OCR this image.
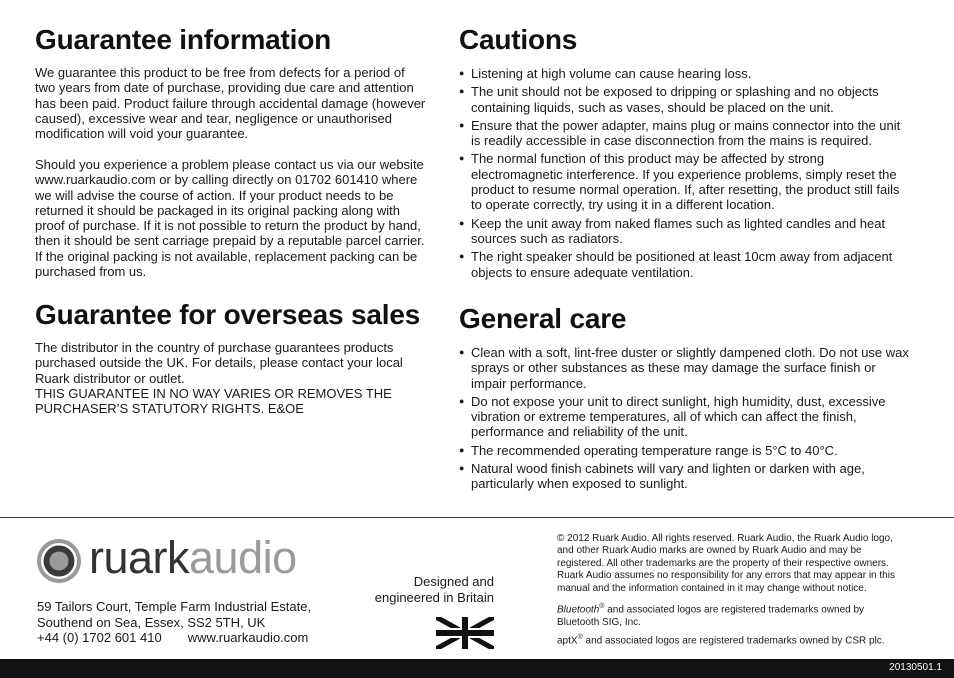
Guarantee information

We guarantee this product to be free from defects for a period of two years from date of purchase, providing due care and attention has been paid. Product failure through accidental damage (however caused), excessive wear and tear, negligence or unauthorised modification will void your guarantee.

Should you experience a problem please contact us via our website www.ruarkaudio.com or by calling directly on 01702 601410 where we will advise the course of action. If your product needs to be returned it should be packaged in its original packing along with proof of purchase. If it is not possible to return the product by hand, then it should be sent carriage prepaid by a reputable parcel carrier. If the original packing is not available, replacement packing can be purchased from us.

Guarantee for overseas sales

The distributor in the country of purchase guarantees products purchased outside the UK. For details, please contact your local Ruark distributor or outlet.

THIS GUARANTEE IN NO WAY VARIES OR REMOVES THE PURCHASER’S STATUTORY RIGHTS. E&OE

Cautions
● Listening at high volume can cause hearing loss.
● The unit should not be exposed to dripping or splashing and no objects containing liquids, such as vases, should be placed on the unit.
● Ensure that the power adapter, mains plug or mains connector into the unit is readily accessible in case disconnection from the mains is required.
● The normal function of this product may be affected by strong electromagnetic interference. If you experience problems, simply reset the product to resume normal operation. If, after resetting, the product still fails to operate correctly, try using it in a different location.
● Keep the unit away from naked flames such as lighted candles and heat sources such as radiators.
● The right speaker should be positioned at least 10cm away from adjacent objects to ensure adequate ventilation.
General care
● Clean with a soft, lint-free duster or slightly dampened cloth. Do not use wax sprays or other substances as these may damage the surface finish or impair performance.
● Do not expose your unit to direct sunlight, high humidity, dust, excessive vibration or extreme temperatures, all of which can affect the finish, performance and reliability of the unit.
● The recommended operating temperature range is 5°C to 40°C.
● Natural wood finish cabinets will vary and lighten or darken with age, particularly when exposed to sunlight.
ruarkaudio
59 Tailors Court, Temple Farm Industrial Estate,
Southend on Sea, Essex, SS2 5TH, UK
+44 (0) 1702 601 410 www.ruarkaudio.com
Designed and
engineered in Britain

© 2012 Ruark Audio. All rights reserved. Ruark Audio, the Ruark Audio logo, and other Ruark Audio marks are owned by Ruark Audio and may be registered. All other trademarks are the property of their respective owners. Ruark Audio assumes no responsibility for any errors that may appear in this manual and the information contained in it may change without notice.

Bluetooth® and associated logos are registered trademarks owned by Bluetooth SIG, Inc.

aptX® and associated logos are registered trademarks owned by CSR plc.

20130501.1
